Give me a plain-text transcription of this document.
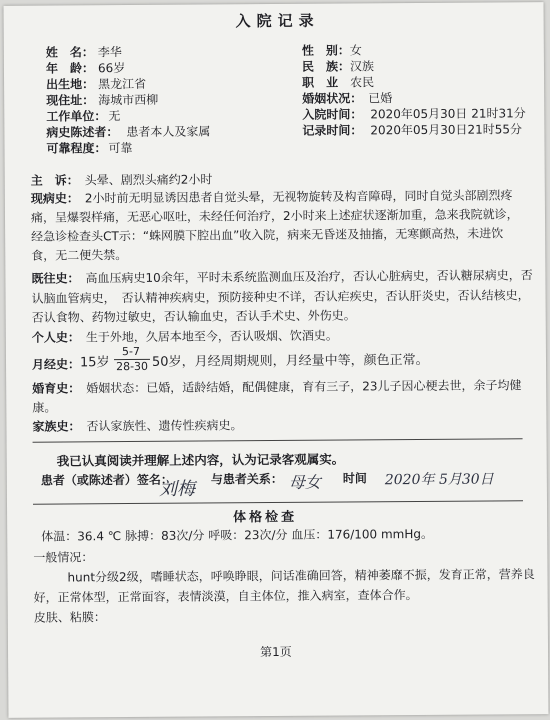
入院记录
姓　名： 李华
年　龄： 66岁
出生地： 黑龙江省
现住址： 海城市西柳
工作单位： 无
病史陈述者： 患者本人及家属
可靠程度： 可靠
性　别： 女
民　族： 汉族
职　业 农民
婚姻状况： 已婚
入院时间： 2020年05月30日 21时31分
记录时间： 2020年05月30日21时55分
主　诉： 头晕、剧烈头痛约2小时
现病史： 2小时前无明显诱因患者自觉头晕，无视物旋转及构音障碍，同时自觉头部剧烈疼
痛，呈爆裂样痛，无恶心呕吐，未经任何治疗，2小时来上述症状逐渐加重，急来我院就诊，
经急诊检查头CT示：“蛛网膜下腔出血”收入院，病来无昏迷及抽搐，无寒颤高热，未进饮
食，无二便失禁。
既往史： 高血压病史10余年，平时未系统监测血压及治疗，否认心脏病史，否认糖尿病史，否
认脑血管病史，　否认精神疾病史，预防接种史不详，否认疟疾史，否认肝炎史，否认结核史，
否认食物、药物过敏史，否认输血史，否认手术史、外伤史。
个人史： 生于外地，久居本地至今，否认吸烟、饮酒史。
月经史： 15岁
5-7
28-30 50岁，月经周期规则，月经量中等，颜色正常。
婚育史： 婚姻状态：已婚，适龄结婚，配偶健康，育有三子，23儿子因心梗去世，余子均健
康。
家族史： 否认家族性、遗传性疾病史。
我已认真阅读并理解上述内容，认为记录客观属实。
患者（或陈述者）签名：
刘梅 与患者关系： 母女 时间 2020年 5月30日
体格检查
体温：36.4 ℃ 脉搏：83次/分 呼吸：23次/分 血压：176/100 mmHg。
一般情况：
hunt分级2级，嗜睡状态，呼唤睁眼，问话准确回答，精神萎靡不振，发育正常，营养良
好，正常体型，正常面容，表情淡漠，自主体位，推入病室，查体合作。
皮肤、粘膜：
第1页
